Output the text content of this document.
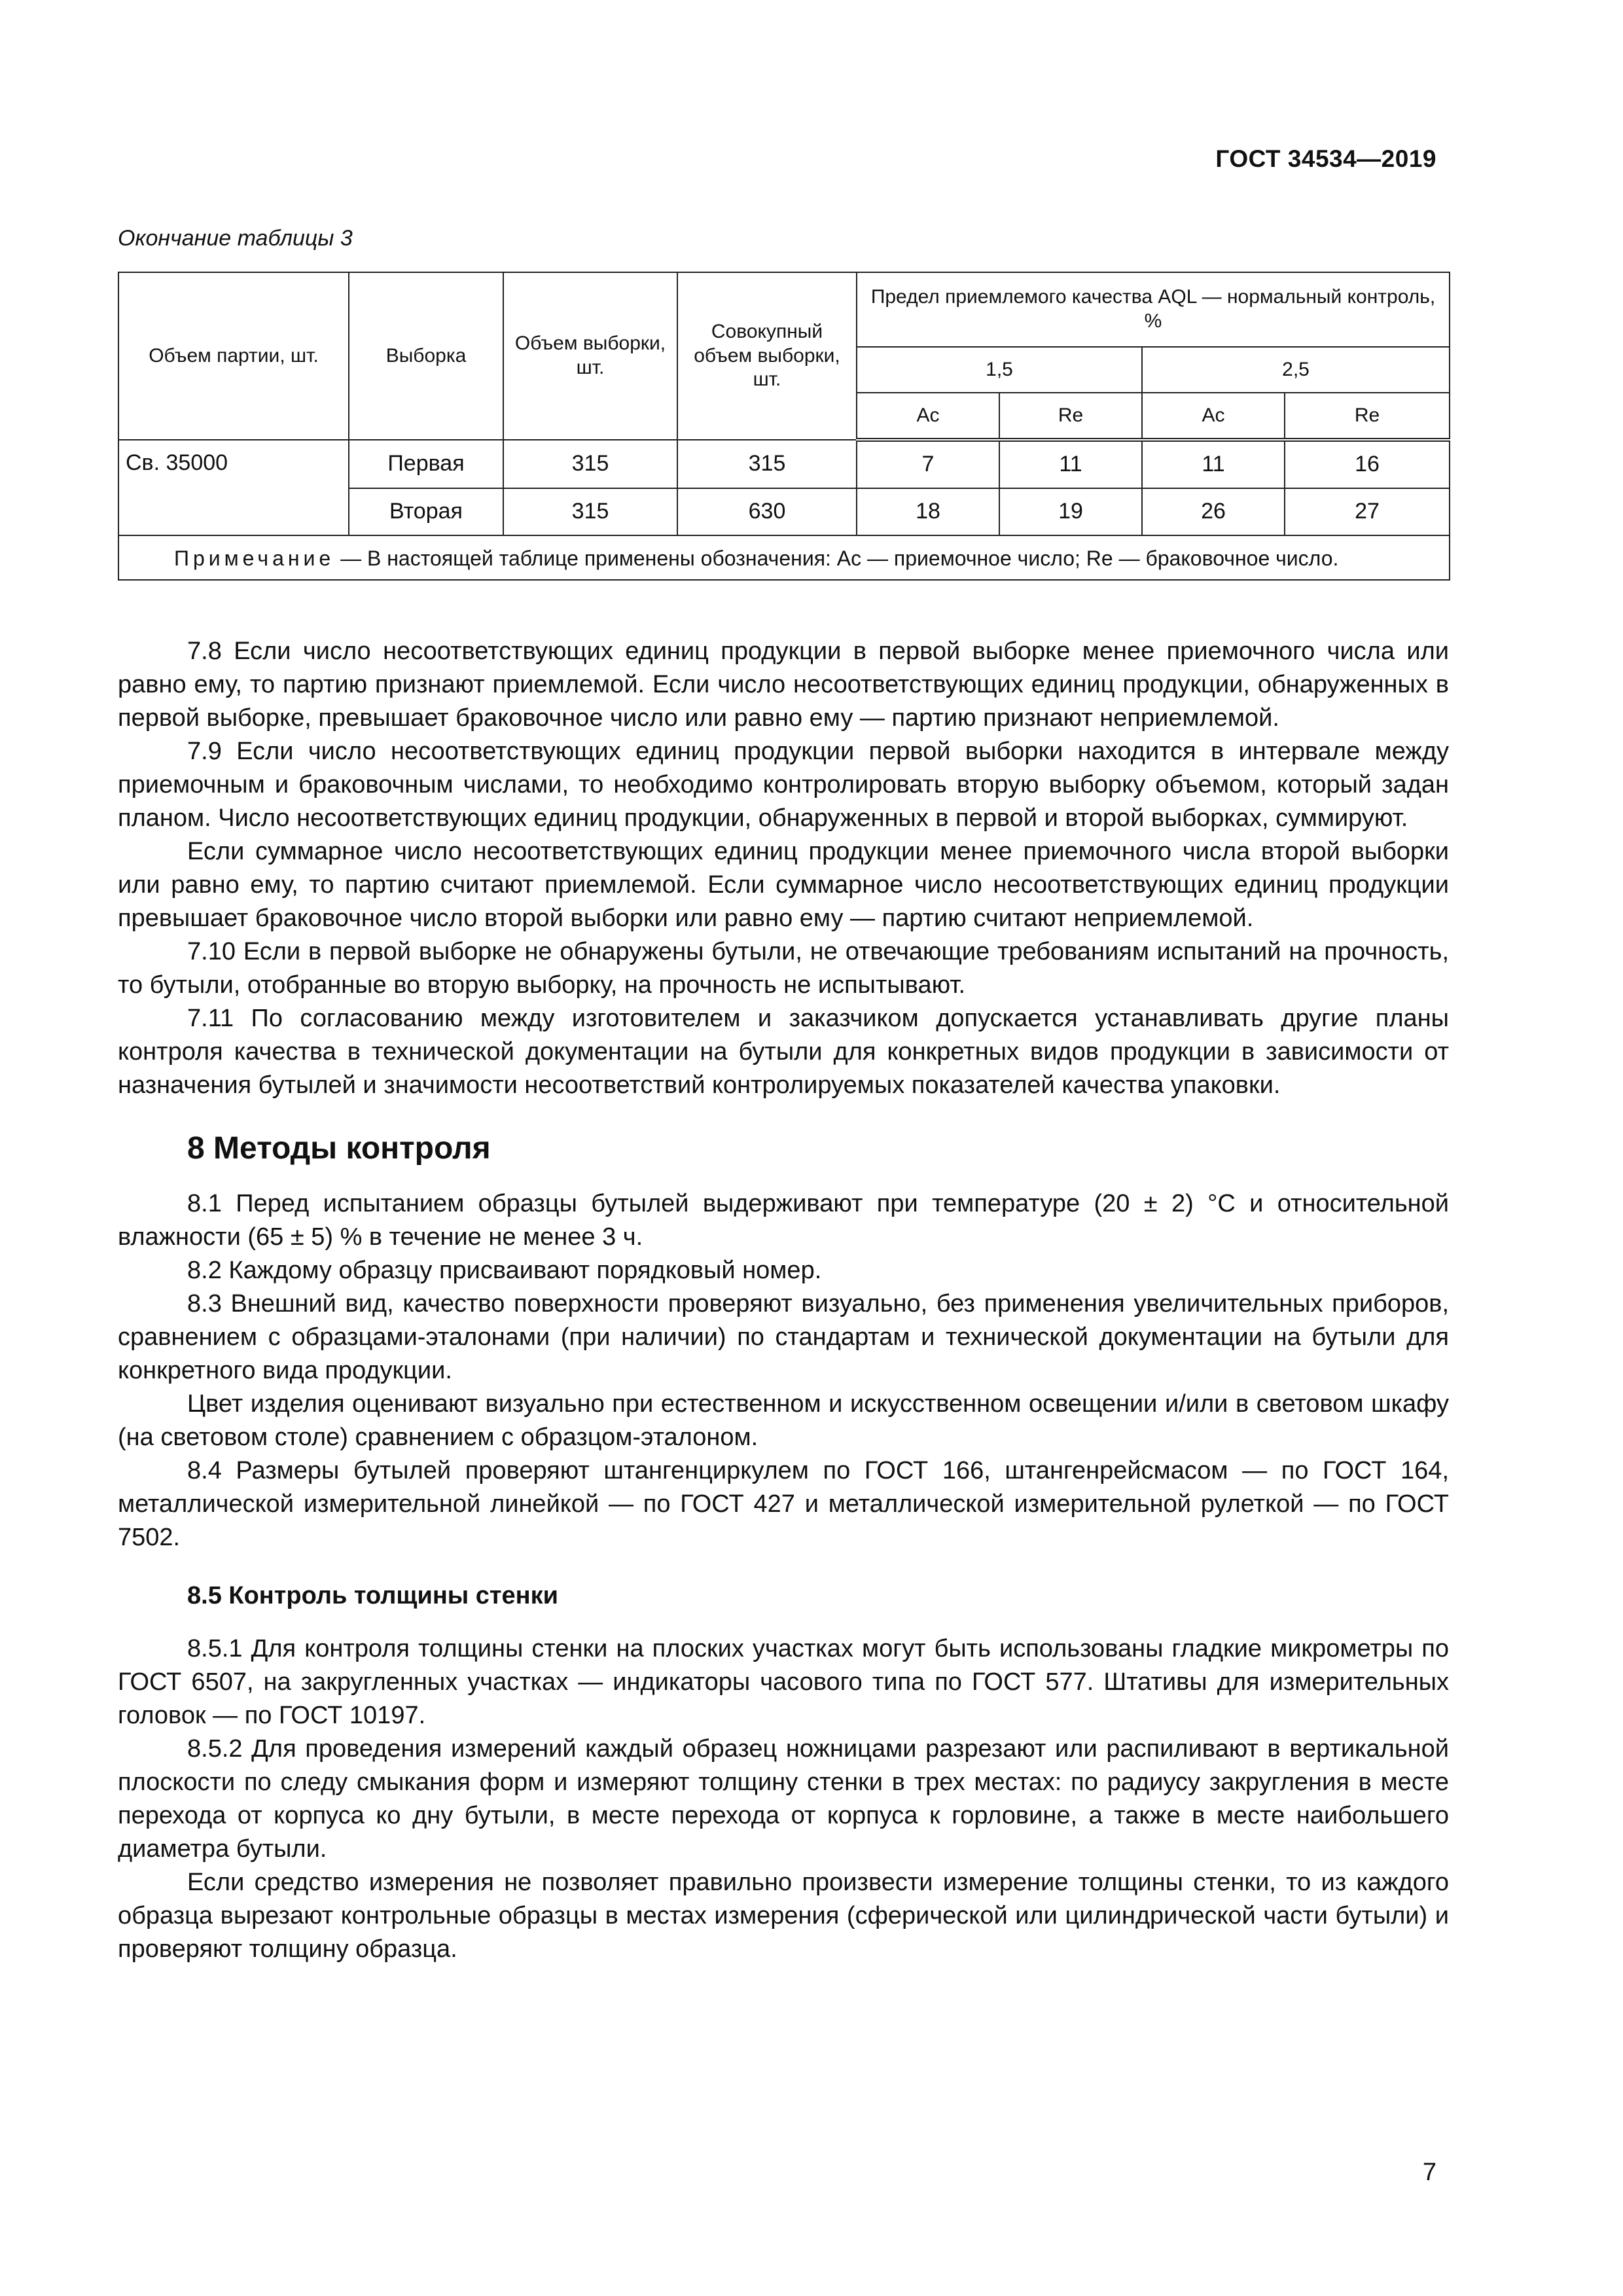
ГОСТ 34534—2019
Окончание таблицы 3
Объем партии, шт.	Выборка	Объем выборки, шт.	Совокупный объем выборки, шт.	Предел приемлемого качества AQL — нормальный контроль, %			
				1,5		2,5	
				Ac	Re	Ac	Re
Св. 35000	Первая	315	315	7	11	11	16
	Вторая	315	630	18	19	26	27
Примечание — В настоящей таблице применены обозначения: Ac — приемочное число; Re — браковочное число.							

7.8 Если число несоответствующих единиц продукции в первой выборке менее приемочного числа или равно ему, то партию признают приемлемой. Если число несоответствующих единиц продукции, обнаруженных в первой выборке, превышает браковочное число или равно ему — партию признают неприемлемой.

7.9 Если число несоответствующих единиц продукции первой выборки находится в интервале между приемочным и браковочным числами, то необходимо контролировать вторую выборку объемом, который задан планом. Число несоответствующих единиц продукции, обнаруженных в первой и второй выборках, суммируют.

Если суммарное число несоответствующих единиц продукции менее приемочного числа второй выборки или равно ему, то партию считают приемлемой. Если суммарное число несоответствующих единиц продукции превышает браковочное число второй выборки или равно ему — партию считают неприемлемой.

7.10 Если в первой выборке не обнаружены бутыли, не отвечающие требованиям испытаний на прочность, то бутыли, отобранные во вторую выборку, на прочность не испытывают.

7.11 По согласованию между изготовителем и заказчиком допускается устанавливать другие планы контроля качества в технической документации на бутыли для конкретных видов продукции в зависимости от назначения бутылей и значимости несоответствий контролируемых показателей качества упаковки.

8 Методы контроля

8.1 Перед испытанием образцы бутылей выдерживают при температуре (20 ± 2) °С и относительной влажности (65 ± 5) % в течение не менее 3 ч.

8.2 Каждому образцу присваивают порядковый номер.

8.3 Внешний вид, качество поверхности проверяют визуально, без применения увеличительных приборов, сравнением с образцами-эталонами (при наличии) по стандартам и технической документации на бутыли для конкретного вида продукции.

Цвет изделия оценивают визуально при естественном и искусственном освещении и/или в световом шкафу (на световом столе) сравнением с образцом-эталоном.

8.4 Размеры бутылей проверяют штангенциркулем по ГОСТ 166, штангенрейсмасом — по ГОСТ 164, металлической измерительной линейкой — по ГОСТ 427 и металлической измерительной рулеткой — по ГОСТ 7502.

8.5 Контроль толщины стенки

8.5.1 Для контроля толщины стенки на плоских участках могут быть использованы гладкие микрометры по ГОСТ 6507, на закругленных участках — индикаторы часового типа по ГОСТ 577. Штативы для измерительных головок — по ГОСТ 10197.

8.5.2 Для проведения измерений каждый образец ножницами разрезают или распиливают в вертикальной плоскости по следу смыкания форм и измеряют толщину стенки в трех местах: по радиусу закругления в месте перехода от корпуса ко дну бутыли, в месте перехода от корпуса к горловине, а также в месте наибольшего диаметра бутыли.

Если средство измерения не позволяет правильно произвести измерение толщины стенки, то из каждого образца вырезают контрольные образцы в местах измерения (сферической или цилиндрической части бутыли) и проверяют толщину образца.

7
